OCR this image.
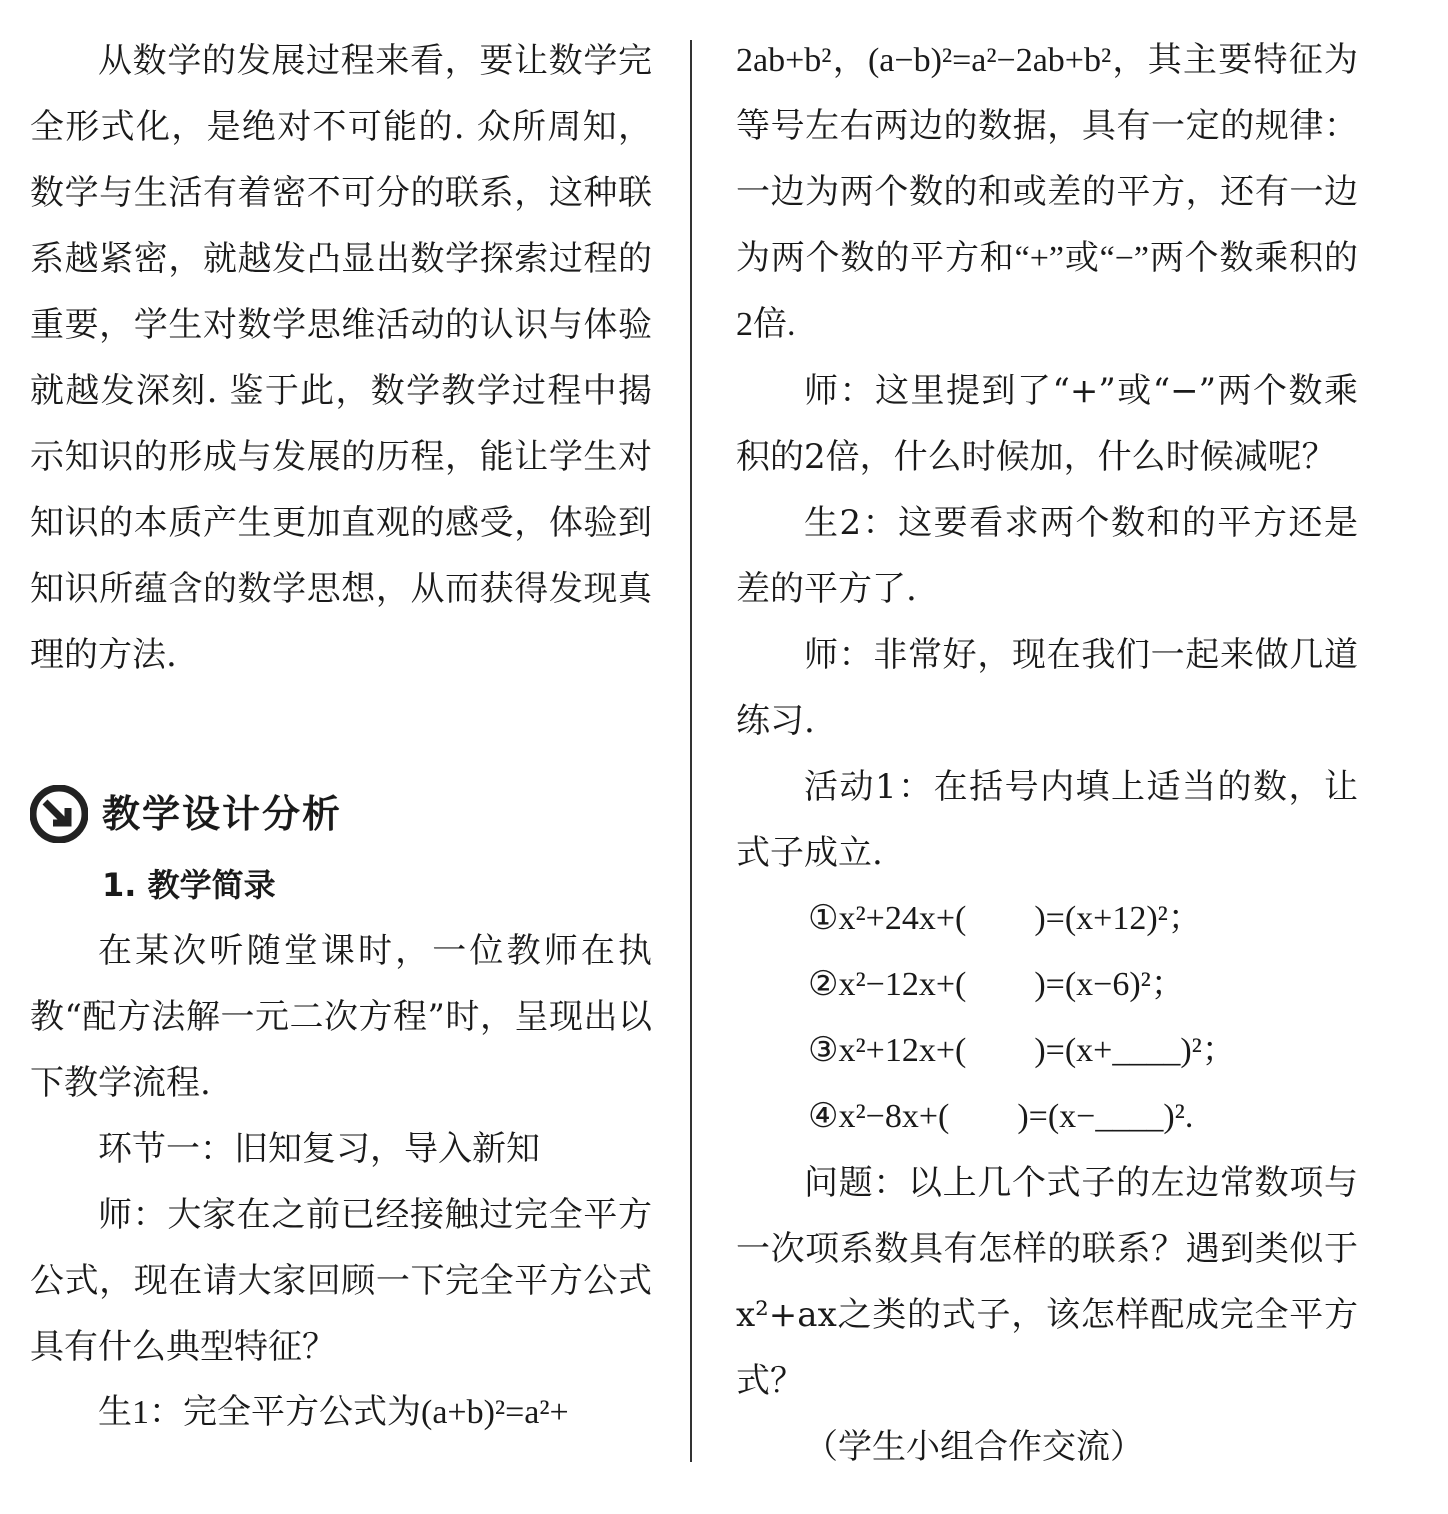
从数学的发展过程来看，要让数学完全形式化，是绝对不可能的. 众所周知，数学与生活有着密不可分的联系，这种联系越紧密，就越发凸显出数学探索过程的重要，学生对数学思维活动的认识与体验就越发深刻. 鉴于此，数学教学过程中揭示知识的形成与发展的历程，能让学生对知识的本质产生更加直观的感受，体验到知识所蕴含的数学思想，从而获得发现真理的方法.

教学设计分析
1. 教学简录

在某次听随堂课时，一位教师在执教“配方法解一元二次方程”时，呈现出以下教学流程.

环节一：旧知复习，导入新知

师：大家在之前已经接触过完全平方公式，现在请大家回顾一下完全平方公式具有什么典型特征？

生1：完全平方公式为(a+b)²=a²+

2ab+b²，(a−b)²=a²−2ab+b²，其主要特征为等号左右两边的数据，具有一定的规律：一边为两个数的和或差的平方，还有一边为两个数的平方和“+”或“−”两个数乘积的2倍.

师：这里提到了“+”或“−”两个数乘积的2倍，什么时候加，什么时候减呢？

生2：这要看求两个数和的平方还是差的平方了.

师：非常好，现在我们一起来做几道练习.

活动1：在括号内填上适当的数，让式子成立.

①x²+24x+(　　)=(x+12)²；

②x²−12x+(　　)=(x−6)²；

③x²+12x+(　　)=(x+____)²；

④x²−8x+(　　)=(x−____)².

问题：以上几个式子的左边常数项与一次项系数具有怎样的联系？遇到类似于x²+ax之类的式子，该怎样配成完全平方式？

（学生小组合作交流）
